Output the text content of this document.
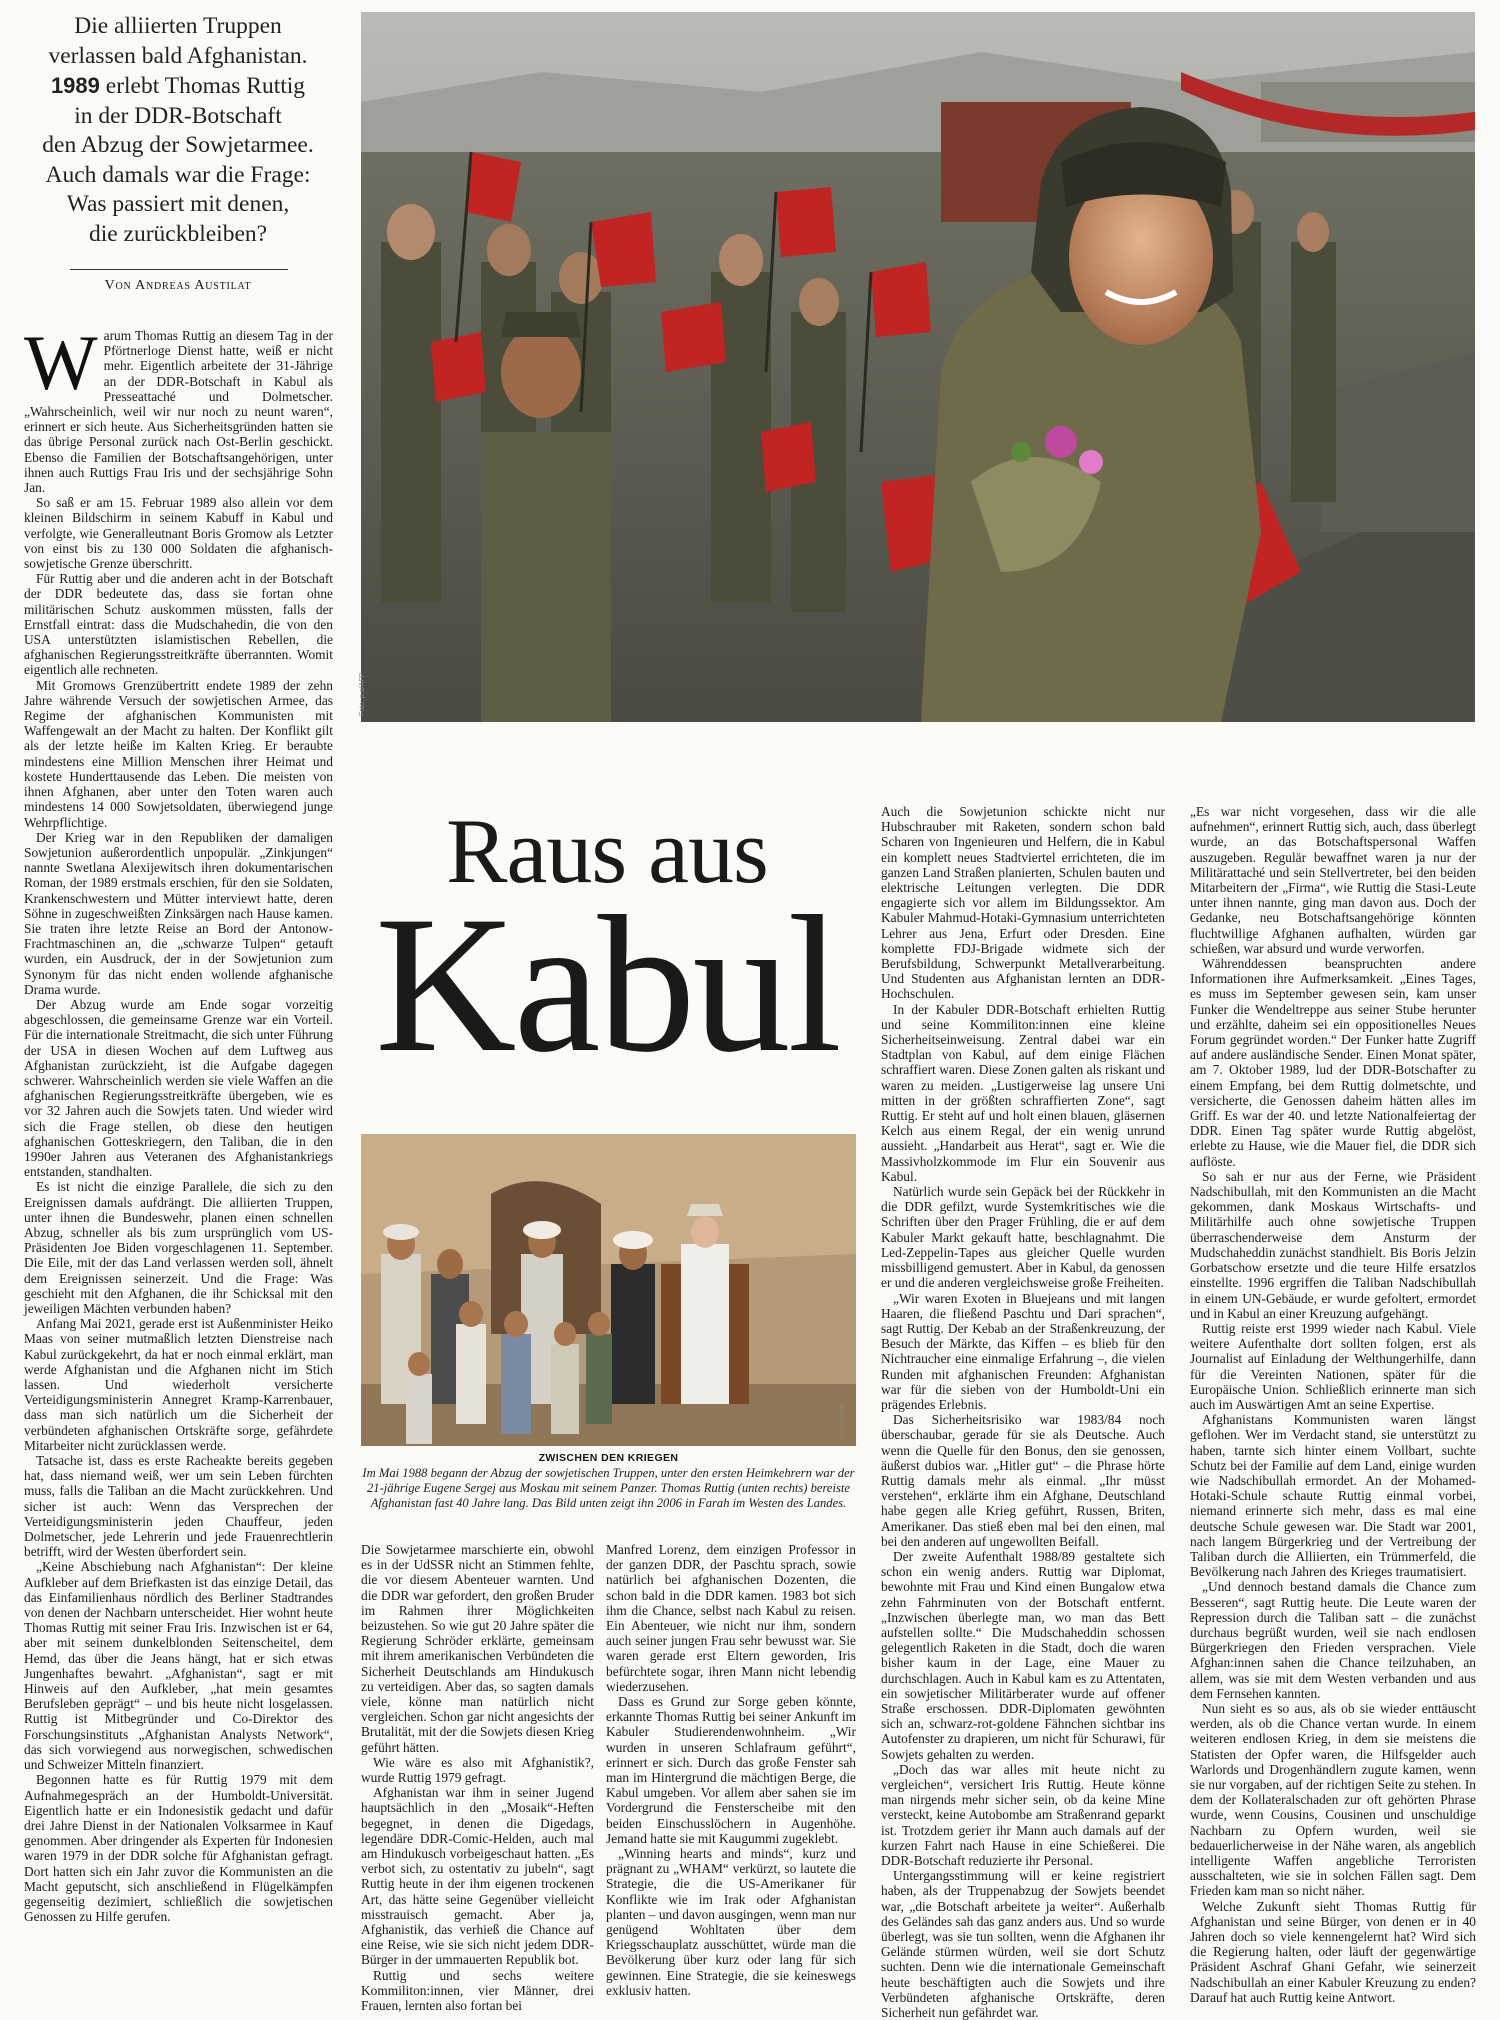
Die alliierten Truppen
verlassen bald Afghanistan.
1989 erlebt Thomas Ruttig
in der DDR-Botschaft
den Abzug der Sowjetarmee.
Auch damals war die Frage:
Was passiert mit denen,
die zurückbleiben?
Von Andreas Austilat
Foto: p.a/AFP

Warum Thomas Ruttig an diesem Tag in der Pförtnerloge Dienst hatte, weiß er nicht mehr. Eigentlich arbeitete der 31-Jährige an der DDR-Botschaft in Kabul als Presseattaché und Dolmetscher. „Wahrscheinlich, weil wir nur noch zu neunt waren“, erinnert er sich heute. Aus Sicherheitsgründen hatten sie das übrige Personal zurück nach Ost-Berlin geschickt. Ebenso die Familien der Botschaftsangehörigen, unter ihnen auch Ruttigs Frau Iris und der sechsjährige Sohn Jan.

So saß er am 15. Februar 1989 also allein vor dem kleinen Bildschirm in seinem Kabuff in Kabul und verfolgte, wie Generalleutnant Boris Gromow als Letzter von einst bis zu 130 000 Soldaten die afghanisch-sowjetische Grenze überschritt.

Für Ruttig aber und die anderen acht in der Botschaft der DDR bedeutete das, dass sie fortan ohne militärischen Schutz auskommen müssten, falls der Ernstfall eintrat: dass die Mudschahedin, die von den USA unterstützten islamistischen Rebellen, die afghanischen Regierungsstreitkräfte überrannten. Womit eigentlich alle rechneten.

Mit Gromows Grenzübertritt endete 1989 der zehn Jahre währende Versuch der sowjetischen Armee, das Regime der afghanischen Kommunisten mit Waffengewalt an der Macht zu halten. Der Konflikt gilt als der letzte heiße im Kalten Krieg. Er beraubte mindestens eine Million Menschen ihrer Heimat und kostete Hunderttausende das Leben. Die meisten von ihnen Afghanen, aber unter den Toten waren auch mindestens 14 000 Sowjetsoldaten, überwiegend junge Wehrpflichtige.

Der Krieg war in den Republiken der damaligen Sowjetunion außerordentlich unpopulär. „Zinkjungen“ nannte Swetlana Alexijewitsch ihren dokumentarischen Roman, der 1989 erstmals erschien, für den sie Soldaten, Krankenschwestern und Mütter interviewt hatte, deren Söhne in zugeschweißten Zinksärgen nach Hause kamen. Sie traten ihre letzte Reise an Bord der Antonow-Frachtmaschinen an, die „schwarze Tulpen“ getauft wurden, ein Ausdruck, der in der Sowjetunion zum Synonym für das nicht enden wollende afghanische Drama wurde.

Der Abzug wurde am Ende sogar vorzeitig abgeschlossen, die gemeinsame Grenze war ein Vorteil. Für die internationale Streitmacht, die sich unter Führung der USA in diesen Wochen auf dem Luftweg aus Afghanistan zurückzieht, ist die Aufgabe dagegen schwerer. Wahrscheinlich werden sie viele Waffen an die afghanischen Regierungsstreitkräfte übergeben, wie es vor 32 Jahren auch die Sowjets taten. Und wieder wird sich die Frage stellen, ob diese den heutigen afghanischen Gotteskriegern, den Taliban, die in den 1990er Jahren aus Veteranen des Afghanistankriegs entstanden, standhalten.

Es ist nicht die einzige Parallele, die sich zu den Ereignissen damals aufdrängt. Die alliierten Truppen, unter ihnen die Bundeswehr, planen einen schnellen Abzug, schneller als bis zum ursprünglich vom US-Präsidenten Joe Biden vorgeschlagenen 11. September. Die Eile, mit der das Land verlassen werden soll, ähnelt dem Ereignissen seinerzeit. Und die Frage: Was geschieht mit den Afghanen, die ihr Schicksal mit den jeweiligen Mächten verbunden haben?

Anfang Mai 2021, gerade erst ist Außenminister Heiko Maas von seiner mutmaßlich letzten Dienstreise nach Kabul zurückgekehrt, da hat er noch einmal erklärt, man werde Afghanistan und die Afghanen nicht im Stich lassen. Und wiederholt versicherte Verteidigungsministerin Annegret Kramp-Karrenbauer, dass man sich natürlich um die Sicherheit der verbündeten afghanischen Ortskräfte sorge, gefährdete Mitarbeiter nicht zurücklassen werde.

Tatsache ist, dass es erste Racheakte bereits gegeben hat, dass niemand weiß, wer um sein Leben fürchten muss, falls die Taliban an die Macht zurückkehren. Und sicher ist auch: Wenn das Versprechen der Verteidigungsministerin jeden Chauffeur, jeden Dolmetscher, jede Lehrerin und jede Frauenrechtlerin betrifft, wird der Westen überfordert sein.

„Keine Abschiebung nach Afghanistan“: Der kleine Aufkleber auf dem Briefkasten ist das einzige Detail, das das Einfamilienhaus nördlich des Berliner Stadtrandes von denen der Nachbarn unterscheidet. Hier wohnt heute Thomas Ruttig mit seiner Frau Iris. Inzwischen ist er 64, aber mit seinem dunkelblonden Seitenscheitel, dem Hemd, das über die Jeans hängt, hat er sich etwas Jungenhaftes bewahrt. „Afghanistan“, sagt er mit Hinweis auf den Aufkleber, „hat mein gesamtes Berufsleben geprägt“ – und bis heute nicht losgelassen. Ruttig ist Mitbegründer und Co-Direktor des Forschungsinstituts „Afghanistan Analysts Network“, das sich vorwiegend aus norwegischen, schwedischen und Schweizer Mitteln finanziert.

Begonnen hatte es für Ruttig 1979 mit dem Aufnahmegespräch an der Humboldt-Universität. Eigentlich hatte er ein Indonesistik gedacht und dafür drei Jahre Dienst in der Nationalen Volksarmee in Kauf genommen. Aber dringender als Experten für Indonesien waren 1979 in der DDR solche für Afghanistan gefragt. Dort hatten sich ein Jahr zuvor die Kommunisten an die Macht geputscht, sich anschließend in Flügelkämpfen gegenseitig dezimiert, schließlich die sowjetischen Genossen zu Hilfe gerufen.

Raus aus
Kabul
Foto: privat
ZWISCHEN DEN KRIEGEN
Im Mai 1988 begann der Abzug der sowjetischen Truppen, unter den ersten Heimkehrern war der 21-jährige Eugene Sergej aus Moskau mit seinem Panzer. Thomas Ruttig (unten rechts) bereiste Afghanistan fast 40 Jahre lang. Das Bild unten zeigt ihn 2006 in Farah im Westen des Landes.

Die Sowjetarmee marschierte ein, obwohl es in der UdSSR nicht an Stimmen fehlte, die vor diesem Abenteuer warnten. Und die DDR war gefordert, den großen Bruder im Rahmen ihrer Möglichkeiten beizustehen. So wie gut 20 Jahre später die Regierung Schröder erklärte, gemeinsam mit ihrem amerikanischen Verbündeten die Sicherheit Deutschlands am Hindukusch zu verteidigen. Aber das, so sagten damals viele, könne man natürlich nicht vergleichen. Schon gar nicht angesichts der Brutalität, mit der die Sowjets diesen Krieg geführt hätten.

Wie wäre es also mit Afghanistik?, wurde Ruttig 1979 gefragt.

Afghanistan war ihm in seiner Jugend hauptsächlich in den „Mosaik“-Heften begegnet, in denen die Digedags, legendäre DDR-Comic-Helden, auch mal am Hindukusch vorbeigeschaut hatten. „Es verbot sich, zu ostentativ zu jubeln“, sagt Ruttig heute in der ihm eigenen trockenen Art, das hätte seine Gegenüber vielleicht misstrauisch gemacht. Aber ja, Afghanistik, das verhieß die Chance auf eine Reise, wie sie sich nicht jedem DDR-Bürger in der ummauerten Republik bot.

Ruttig und sechs weitere Kommiliton:innen, vier Männer, drei Frauen, lernten also fortan bei

Manfred Lorenz, dem einzigen Professor in der ganzen DDR, der Paschtu sprach, sowie natürlich bei afghanischen Dozenten, die schon bald in die DDR kamen. 1983 bot sich ihm die Chance, selbst nach Kabul zu reisen. Ein Abenteuer, wie nicht nur ihm, sondern auch seiner jungen Frau sehr bewusst war. Sie waren gerade erst Eltern geworden, Iris befürchtete sogar, ihren Mann nicht lebendig wiederzusehen.

Dass es Grund zur Sorge geben könnte, erkannte Thomas Ruttig bei seiner Ankunft im Kabuler Studierendenwohnheim. „Wir wurden in unseren Schlafraum geführt“, erinnert er sich. Durch das große Fenster sah man im Hintergrund die mächtigen Berge, die Kabul umgeben. Vor allem aber sahen sie im Vordergrund die Fensterscheibe mit den beiden Einschusslöchern in Augenhöhe. Jemand hatte sie mit Kaugummi zugeklebt.

„Winning hearts and minds“, kurz und prägnant zu „WHAM“ verkürzt, so lautete die Strategie, die die US-Amerikaner für Konflikte wie im Irak oder Afghanistan planten – und davon ausgingen, wenn man nur genügend Wohltaten über dem Kriegsschauplatz ausschüttet, würde man die Bevölkerung über kurz oder lang für sich gewinnen. Eine Strategie, die sie keineswegs exklusiv hatten.

Auch die Sowjetunion schickte nicht nur Hubschrauber mit Raketen, sondern schon bald Scharen von Ingenieuren und Helfern, die in Kabul ein komplett neues Stadtviertel errichteten, die im ganzen Land Straßen planierten, Schulen bauten und elektrische Leitungen verlegten. Die DDR engagierte sich vor allem im Bildungssektor. Am Kabuler Mahmud-Hotaki-Gymnasium unterrichteten Lehrer aus Jena, Erfurt oder Dresden. Eine komplette FDJ-Brigade widmete sich der Berufsbildung, Schwerpunkt Metallverarbeitung. Und Studenten aus Afghanistan lernten an DDR-Hochschulen.

In der Kabuler DDR-Botschaft erhielten Ruttig und seine Kommiliton:innen eine kleine Sicherheitseinweisung. Zentral dabei war ein Stadtplan von Kabul, auf dem einige Flächen schraffiert waren. Diese Zonen galten als riskant und waren zu meiden. „Lustigerweise lag unsere Uni mitten in der größten schraffierten Zone“, sagt Ruttig. Er steht auf und holt einen blauen, gläsernen Kelch aus einem Regal, der ein wenig unrund aussieht. „Handarbeit aus Herat“, sagt er. Wie die Massivholzkommode im Flur ein Souvenir aus Kabul.

Natürlich wurde sein Gepäck bei der Rückkehr in die DDR gefilzt, wurde Systemkritisches wie die Schriften über den Prager Frühling, die er auf dem Kabuler Markt gekauft hatte, beschlagnahmt. Die Led-Zeppelin-Tapes aus gleicher Quelle wurden missbilligend gemustert. Aber in Kabul, da genossen er und die anderen vergleichsweise große Freiheiten.

„Wir waren Exoten in Bluejeans und mit langen Haaren, die fließend Paschtu und Dari sprachen“, sagt Ruttig. Der Kebab an der Straßenkreuzung, der Besuch der Märkte, das Kiffen – es blieb für den Nichtraucher eine einmalige Erfahrung –, die vielen Runden mit afghanischen Freunden: Afghanistan war für die sieben von der Humboldt-Uni ein prägendes Erlebnis.

Das Sicherheitsrisiko war 1983/84 noch überschaubar, gerade für sie als Deutsche. Auch wenn die Quelle für den Bonus, den sie genossen, äußerst dubios war. „Hitler gut“ – die Phrase hörte Ruttig damals mehr als einmal. „Ihr müsst verstehen“, erklärte ihm ein Afghane, Deutschland habe gegen alle Krieg geführt, Russen, Briten, Amerikaner. Das stieß eben mal bei den einen, mal bei den anderen auf ungewollten Beifall.

Der zweite Aufenthalt 1988/89 gestaltete sich schon ein wenig anders. Ruttig war Diplomat, bewohnte mit Frau und Kind einen Bungalow etwa zehn Fahrminuten von der Botschaft entfernt. „Inzwischen überlegte man, wo man das Bett aufstellen sollte.“ Die Mudschaheddin schossen gelegentlich Raketen in die Stadt, doch die waren bisher kaum in der Lage, eine Mauer zu durchschlagen. Auch in Kabul kam es zu Attentaten, ein sowjetischer Militärberater wurde auf offener Straße erschossen. DDR-Diplomaten gewöhnten sich an, schwarz-rot-goldene Fähnchen sichtbar ins Autofenster zu drapieren, um nicht für Schurawi, für Sowjets gehalten zu werden.

„Doch das war alles mit heute nicht zu vergleichen“, versichert Iris Ruttig. Heute könne man nirgends mehr sicher sein, ob da keine Mine versteckt, keine Autobombe am Straßenrand geparkt ist. Trotzdem gerieт ihr Mann auch damals auf der kurzen Fahrt nach Hause in eine Schießerei. Die DDR-Botschaft reduzierte ihr Personal.

Untergangsstimmung will er keine registriert haben, als der Truppenabzug der Sowjets beendet war, „die Botschaft arbeitete ja weiter“. Außerhalb des Geländes sah das ganz anders aus. Und so wurde überlegt, was sie tun sollten, wenn die Afghanen ihr Gelände stürmen würden, weil sie dort Schutz suchten. Denn wie die internationale Gemeinschaft heute beschäftigten auch die Sowjets und ihre Verbündeten afghanische Ortskräfte, deren Sicherheit nun gefährdet war.

„Es war nicht vorgesehen, dass wir die alle aufnehmen“, erinnert Ruttig sich, auch, dass überlegt wurde, an das Botschaftspersonal Waffen auszugeben. Regulär bewaffnet waren ja nur der Militärattaché und sein Stellvertreter, bei den beiden Mitarbeitern der „Firma“, wie Ruttig die Stasi-Leute unter ihnen nannte, ging man davon aus. Doch der Gedanke, neu Botschaftsangehörige könnten fluchtwillige Afghanen aufhalten, würden gar schießen, war absurd und wurde verworfen.

Währenddessen beanspruchten andere Informationen ihre Aufmerksamkeit. „Eines Tages, es muss im September gewesen sein, kam unser Funker die Wendeltreppe aus seiner Stube herunter und erzählte, daheim sei ein oppositionelles Neues Forum gegründet worden.“ Der Funker hatte Zugriff auf andere ausländische Sender. Einen Monat später, am 7. Oktober 1989, lud der DDR-Botschafter zu einem Empfang, bei dem Ruttig dolmetschte, und versicherte, die Genossen daheim hätten alles im Griff. Es war der 40. und letzte Nationalfeiertag der DDR. Einen Tag später wurde Ruttig abgelöst, erlebte zu Hause, wie die Mauer fiel, die DDR sich auflöste.

So sah er nur aus der Ferne, wie Präsident Nadschibullah, mit den Kommunisten an die Macht gekommen, dank Moskaus Wirtschafts- und Militärhilfe auch ohne sowjetische Truppen überraschenderweise dem Ansturm der Mudschaheddin zunächst standhielt. Bis Boris Jelzin Gorbatschow ersetzte und die teure Hilfe ersatzlos einstellte. 1996 ergriffen die Taliban Nadschibullah in einem UN-Gebäude, er wurde gefoltert, ermordet und in Kabul an einer Kreuzung aufgehängt.

Ruttig reiste erst 1999 wieder nach Kabul. Viele weitere Aufenthalte dort sollten folgen, erst als Journalist auf Einladung der Welthungerhilfe, dann für die Vereinten Nationen, später für die Europäische Union. Schließlich erinnerte man sich auch im Auswärtigen Amt an seine Expertise.

Afghanistans Kommunisten waren längst geflohen. Wer im Verdacht stand, sie unterstützt zu haben, tarnte sich hinter einem Vollbart, suchte Schutz bei der Familie auf dem Land, einige wurden wie Nadschibullah ermordet. An der Mohamed-Hotaki-Schule schaute Ruttig einmal vorbei, niemand erinnerte sich mehr, dass es mal eine deutsche Schule gewesen war. Die Stadt war 2001, nach langem Bürgerkrieg und der Vertreibung der Taliban durch die Alliierten, ein Trümmerfeld, die Bevölkerung nach Jahren des Krieges traumatisiert.

„Und dennoch bestand damals die Chance zum Besseren“, sagt Ruttig heute. Die Leute waren der Repression durch die Taliban satt – die zunächst durchaus begrüßt wurden, weil sie nach endlosen Bürgerkriegen den Frieden versprachen. Viele Afghan:innen sahen die Chance teilzuhaben, an allem, was sie mit dem Westen verbanden und aus dem Fernsehen kannten.

Nun sieht es so aus, als ob sie wieder enttäuscht werden, als ob die Chance vertan wurde. In einem weiteren endlosen Krieg, in dem sie meistens die Statisten der Opfer waren, die Hilfsgelder auch Warlords und Drogenhändlern zugute kamen, wenn sie nur vorgaben, auf der richtigen Seite zu stehen. In dem der Kollateralschaden zur oft gehörten Phrase wurde, wenn Cousins, Cousinen und unschuldige Nachbarn zu Opfern wurden, weil sie bedauerlicherweise in der Nähe waren, als angeblich intelligente Waffen angebliche Terroristen ausschalteten, wie sie in solchen Fällen sagt. Dem Frieden kam man so nicht näher.

Welche Zukunft sieht Thomas Ruttig für Afghanistan und seine Bürger, von denen er in 40 Jahren doch so viele kennengelernt hat? Wird sich die Regierung halten, oder läuft der gegenwärtige Präsident Aschraf Ghani Gefahr, wie seinerzeit Nadschibullah an einer Kabuler Kreuzung zu enden? Darauf hat auch Ruttig keine Antwort.
